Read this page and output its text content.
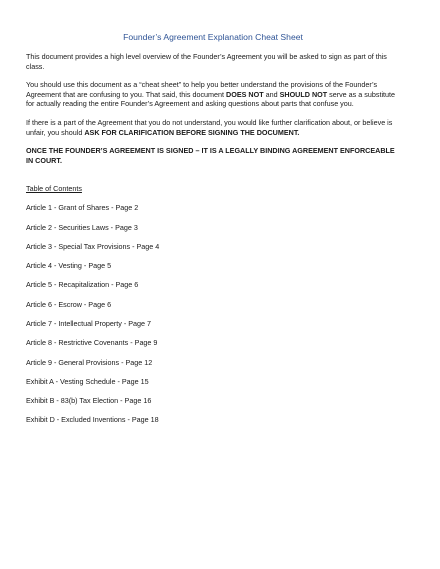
Founder’s Agreement Explanation Cheat Sheet

This document provides a high level overview of the Founder’s Agreement you will be asked to sign as part of this class.

You should use this document as a “cheat sheet” to help you better understand the provisions of the Founder’s Agreement that are confusing to you. That said, this document DOES NOT and SHOULD NOT serve as a substitute for actually reading the entire Founder’s Agreement and asking questions about parts that confuse you.

If there is a part of the Agreement that you do not understand, you would like further clarification about, or believe is unfair, you should ASK FOR CLARIFICATION BEFORE SIGNING THE DOCUMENT.

ONCE THE FOUNDER’S AGREEMENT IS SIGNED – IT IS A LEGALLY BINDING AGREEMENT ENFORCEABLE IN COURT.

Table of Contents
Article 1 - Grant of Shares - Page 2
Article 2 - Securities Laws - Page 3
Article 3 - Special Tax Provisions - Page 4
Article 4 - Vesting - Page 5
Article 5 - Recapitalization - Page 6
Article 6 - Escrow - Page 6
Article 7 - Intellectual Property - Page 7
Article 8 - Restrictive Covenants - Page 9
Article 9 - General Provisions - Page 12
Exhibit A - Vesting Schedule - Page 15
Exhibit B - 83(b) Tax Election - Page 16
Exhibit D - Excluded Inventions - Page 18
